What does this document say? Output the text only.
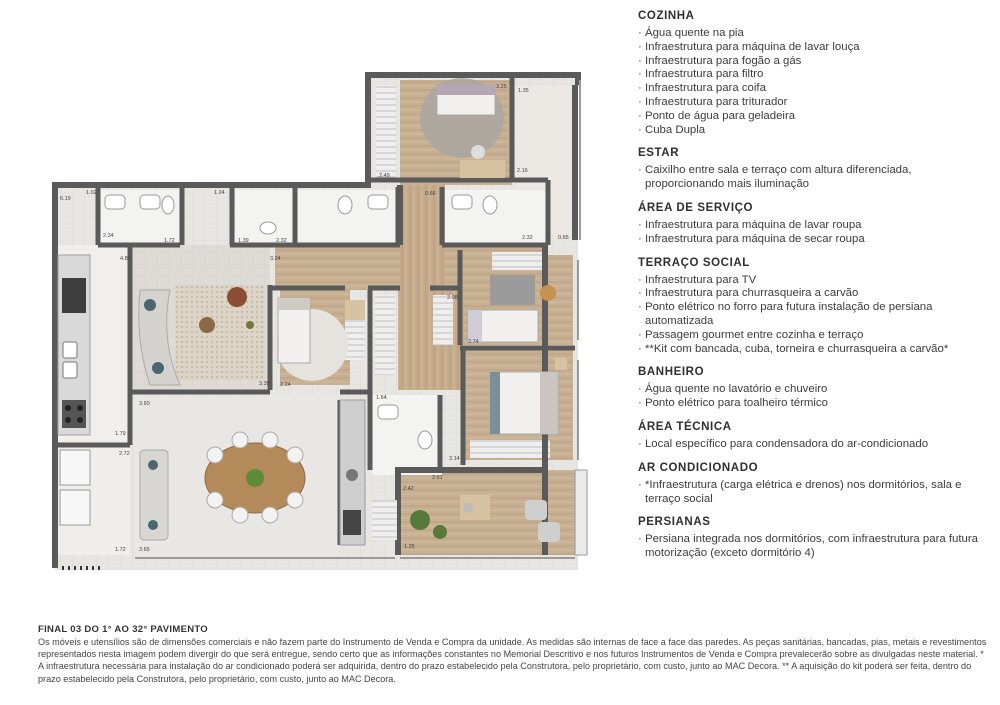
3.25
1.35
2.49
2.16
0.66
1.02	1.24
4.85	3.24
1.72	1.39	2.32	2.32	0.65
2.08
2.74
3.39 2.24
1.64
3.60
3.14
1.79
2.72
2.42
2.61
1.72 3.65	1.25
6.19
2.34
COZINHA
· Água quente na pia
· Infraestrutura para máquina de lavar louça
· Infraestrutura para fogão a gás
· Infraestrutura para filtro
· Infraestrutura para coifa
· Infraestrutura para triturador
· Ponto de água para geladeira
· Cuba Dupla
ESTAR
· Caixilho entre sala e terraço com altura diferenciada, proporcionando mais iluminação
ÁREA DE SERVIÇO
· Infraestrutura para máquina de lavar roupa
· Infraestrutura para máquina de secar roupa
TERRAÇO SOCIAL
· Infraestrutura para TV
· Infraestrutura para churrasqueira a carvão
· Ponto elétrico no forro para futura instalação de persiana automatizada
· Passagem gourmet entre cozinha e terraço
· **Kit com bancada, cuba, torneira e churrasqueira a carvão*
BANHEIRO
· Água quente no lavatório e chuveiro
· Ponto elétrico para toalheiro térmico
ÁREA TÉCNICA
· Local específico para condensadora do ar-condicionado
AR CONDICIONADO
· *Infraestrutura (carga elétrica e drenos) nos dormitórios, sala e terraço social
PERSIANAS
· Persiana integrada nos dormitórios, com infraestrutura para futura motorização (exceto dormitório 4)
FINAL 03 DO 1° AO 32° PAVIMENTO
Os móveis e utensílios são de dimensões comerciais e não fazem parte do Instrumento de Venda e Compra da unidade. As medidas são internas de face a face das paredes. As peças sanitárias, bancadas, pias, metais e revestimentos representados nesta imagem podem divergir do que será entregue, sendo certo que as informações constantes no Memorial Descritivo e nos futuros Instrumentos de Venda e Compra prevalecerão sobre as divulgadas neste material. * A infraestrutura necessária para instalação do ar condicionado poderá ser adquirida, dentro do prazo estabelecido pela Construtora, pelo proprietário, com custo, junto ao MAC Decora. ** A aquisição do kit poderá ser feita, dentro do prazo estabelecido pela Construtora, pelo proprietário, com custo, junto ao MAC Decora.
